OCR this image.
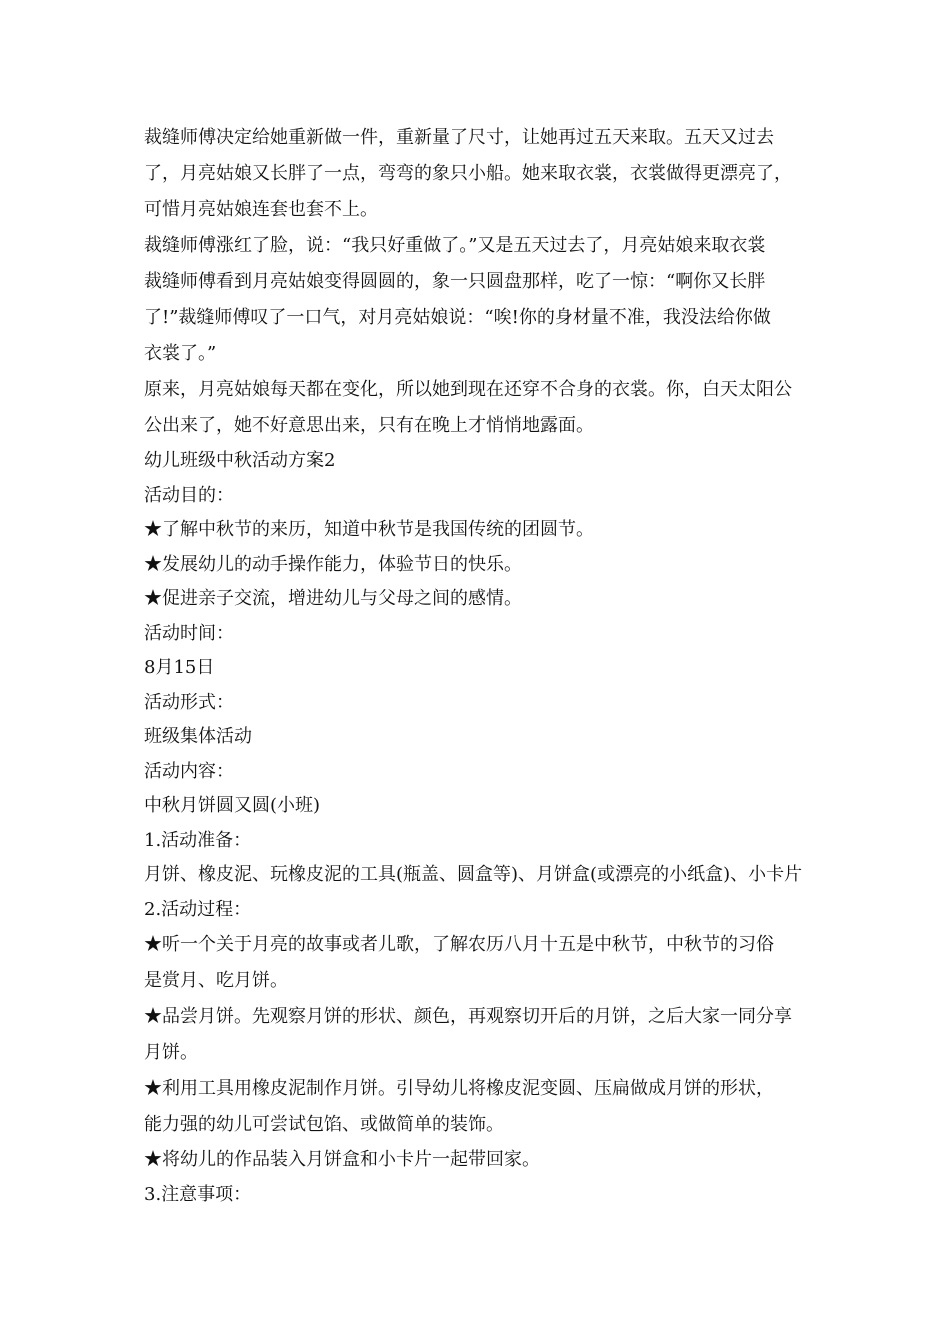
裁缝师傅决定给她重新做一件，重新量了尺寸，让她再过五天来取。五天又过去
了，月亮姑娘又长胖了一点，弯弯的象只小船。她来取衣裳，衣裳做得更漂亮了，
可惜月亮姑娘连套也套不上。
裁缝师傅涨红了脸，说：“我只好重做了。”又是五天过去了，月亮姑娘来取衣裳
裁缝师傅看到月亮姑娘变得圆圆的，象一只圆盘那样，吃了一惊：“啊你又长胖
了!”裁缝师傅叹了一口气，对月亮姑娘说：“唉!你的身材量不准，我没法给你做
衣裳了。”
原来，月亮姑娘每天都在变化，所以她到现在还穿不合身的衣裳。你，白天太阳公
公出来了，她不好意思出来，只有在晚上才悄悄地露面。
幼儿班级中秋活动方案2
活动目的：
★了解中秋节的来历，知道中秋节是我国传统的团圆节。
★发展幼儿的动手操作能力，体验节日的快乐。
★促进亲子交流，增进幼儿与父母之间的感情。
活动时间：
8月15日
活动形式：
班级集体活动
活动内容：
中秋月饼圆又圆(小班)
1.活动准备：
月饼、橡皮泥、玩橡皮泥的工具(瓶盖、圆盒等)、月饼盒(或漂亮的小纸盒)、小卡片
2.活动过程：
★听一个关于月亮的故事或者儿歌，了解农历八月十五是中秋节，中秋节的习俗
是赏月、吃月饼。
★品尝月饼。先观察月饼的形状、颜色，再观察切开后的月饼，之后大家一同分享
月饼。
★利用工具用橡皮泥制作月饼。引导幼儿将橡皮泥变圆、压扁做成月饼的形状，
能力强的幼儿可尝试包馅、或做简单的装饰。
★将幼儿的作品装入月饼盒和小卡片一起带回家。
3.注意事项：
